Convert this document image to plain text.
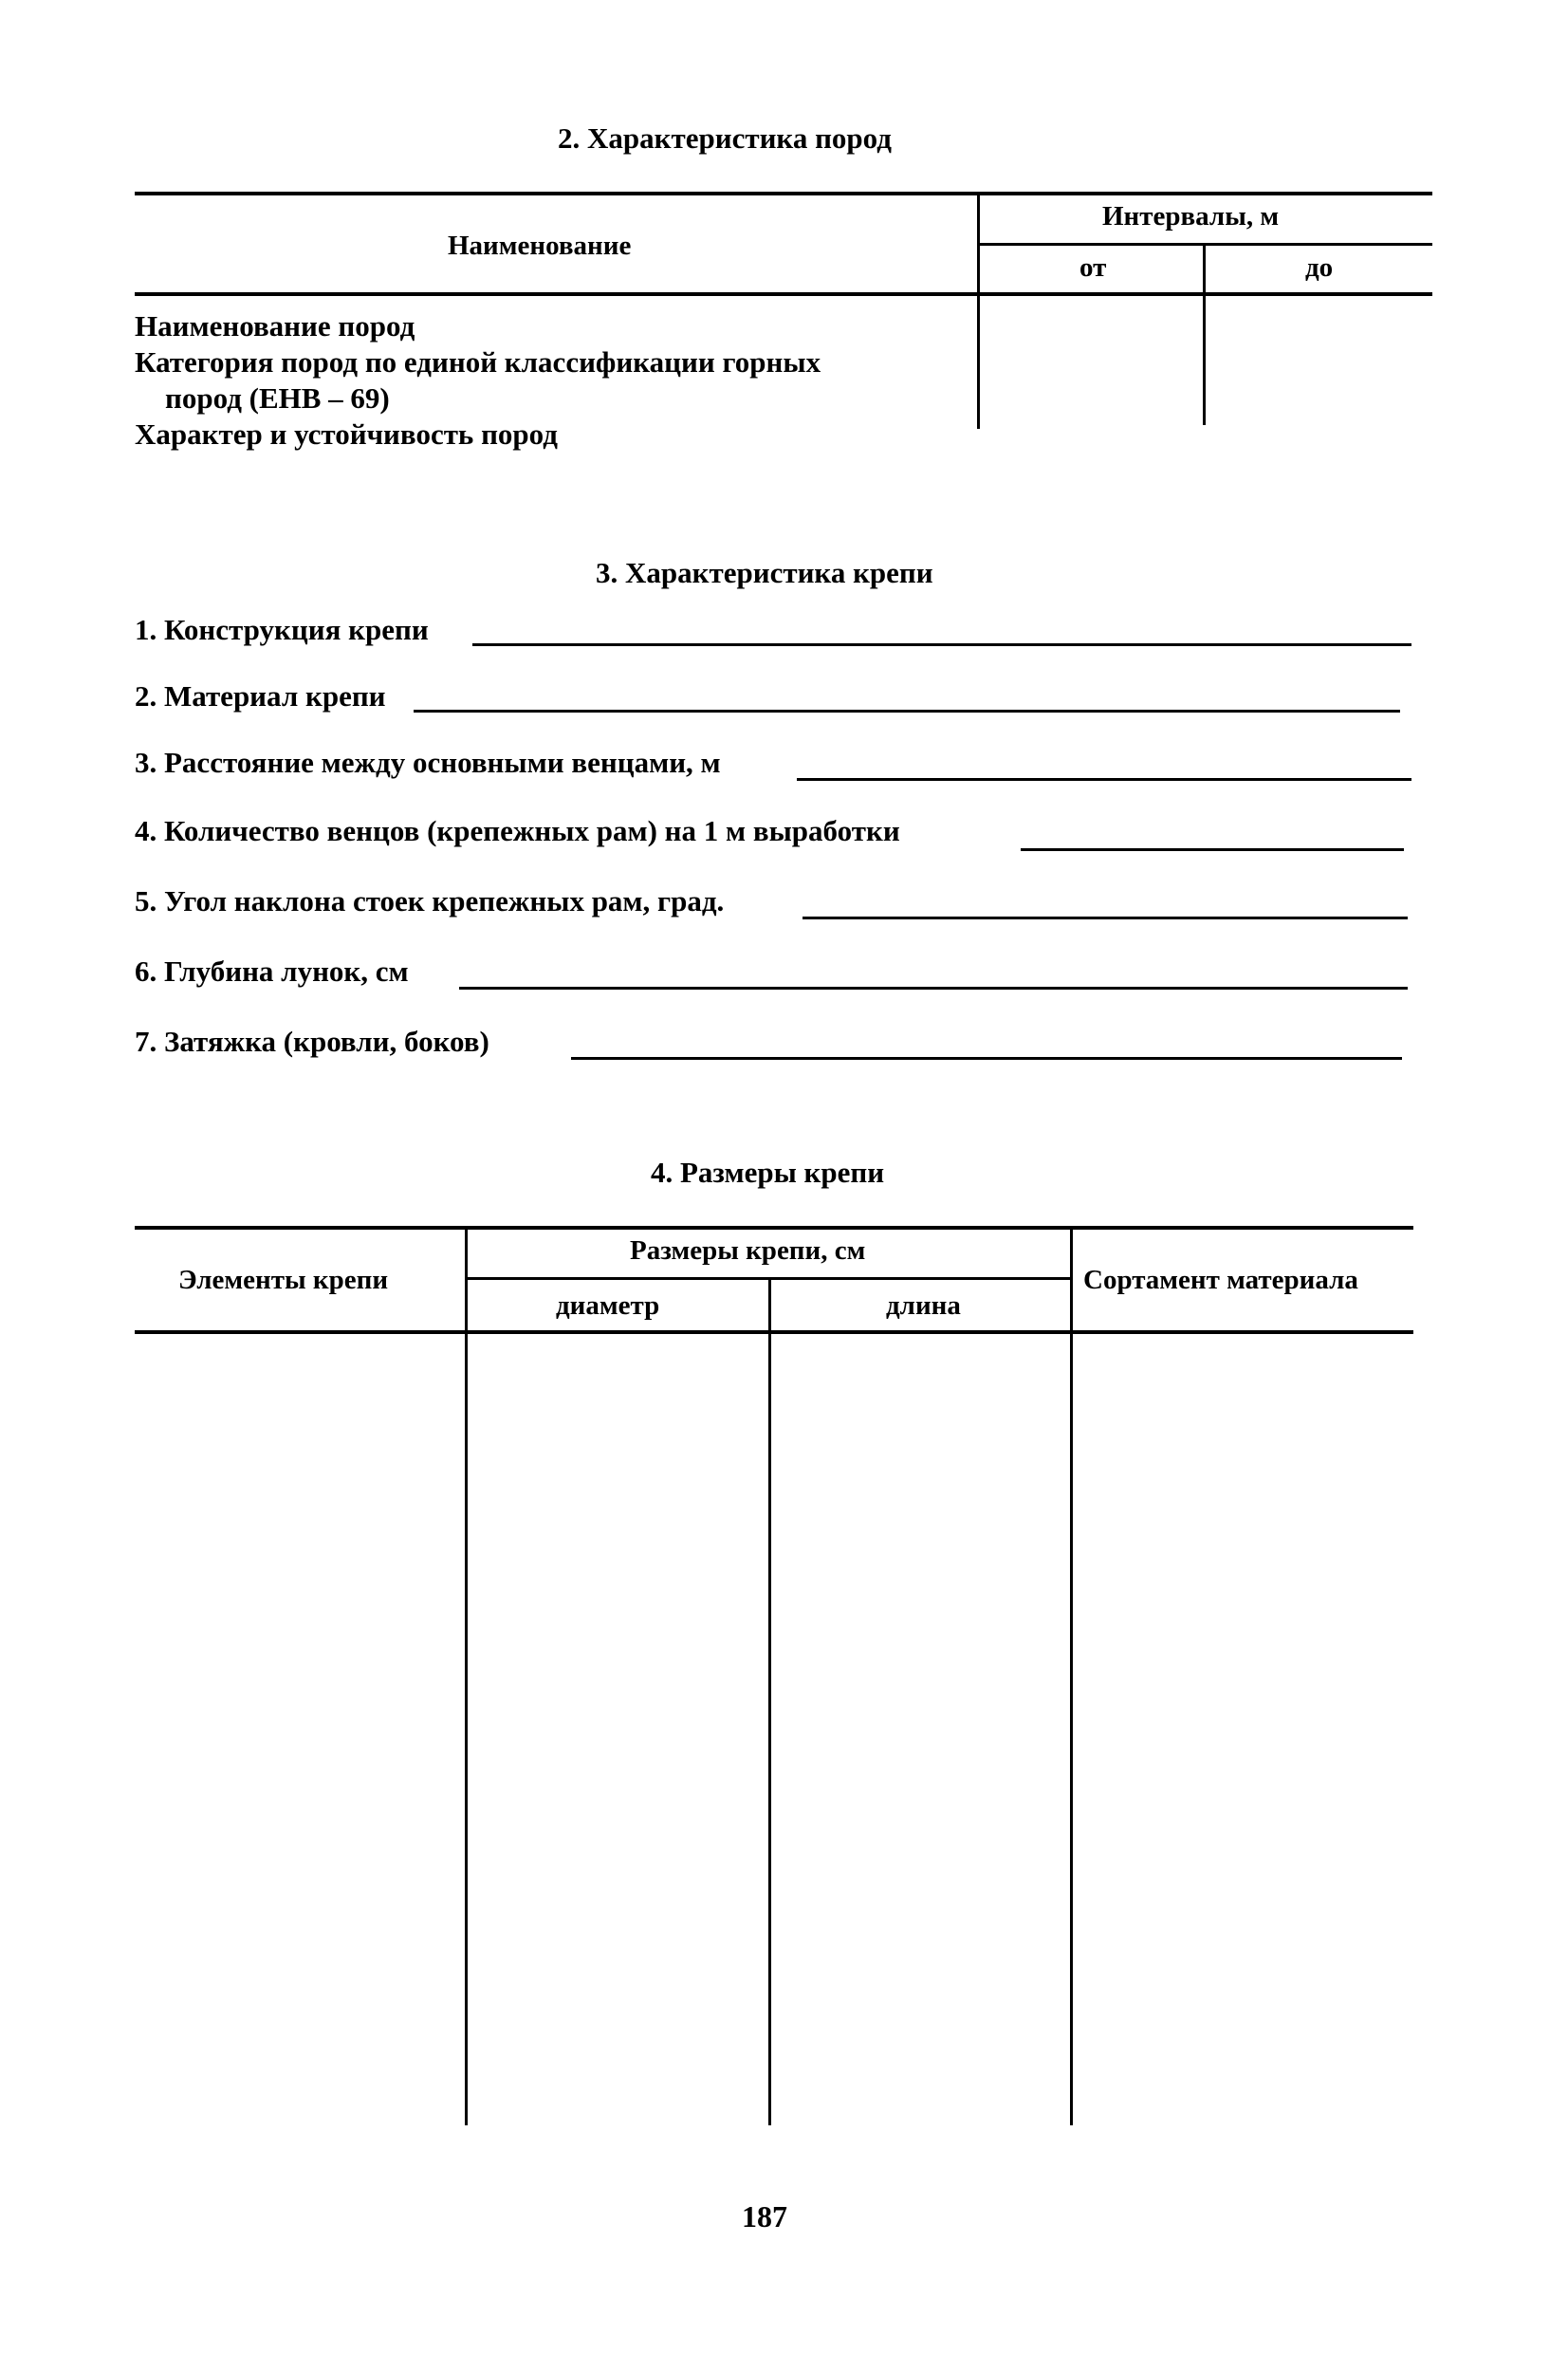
2. Характеристика пород
Наименование
Интервалы, м
от	до
Наименование пород
Категория пород по единой классификации горных
пород (ЕНВ – 69)
Характер и устойчивость пород
3. Характеристика крепи
1. Конструкция крепи
2. Материал крепи
3. Расстояние между основными венцами, м
4. Количество венцов (крепежных рам) на 1 м выработки
5. Угол наклона стоек крепежных рам, град.
6. Глубина лунок, см
7. Затяжка (кровли, боков)
4. Размеры крепи
Элементы крепи
Размеры крепи, см
диаметр	длина
Сортамент материала
187
